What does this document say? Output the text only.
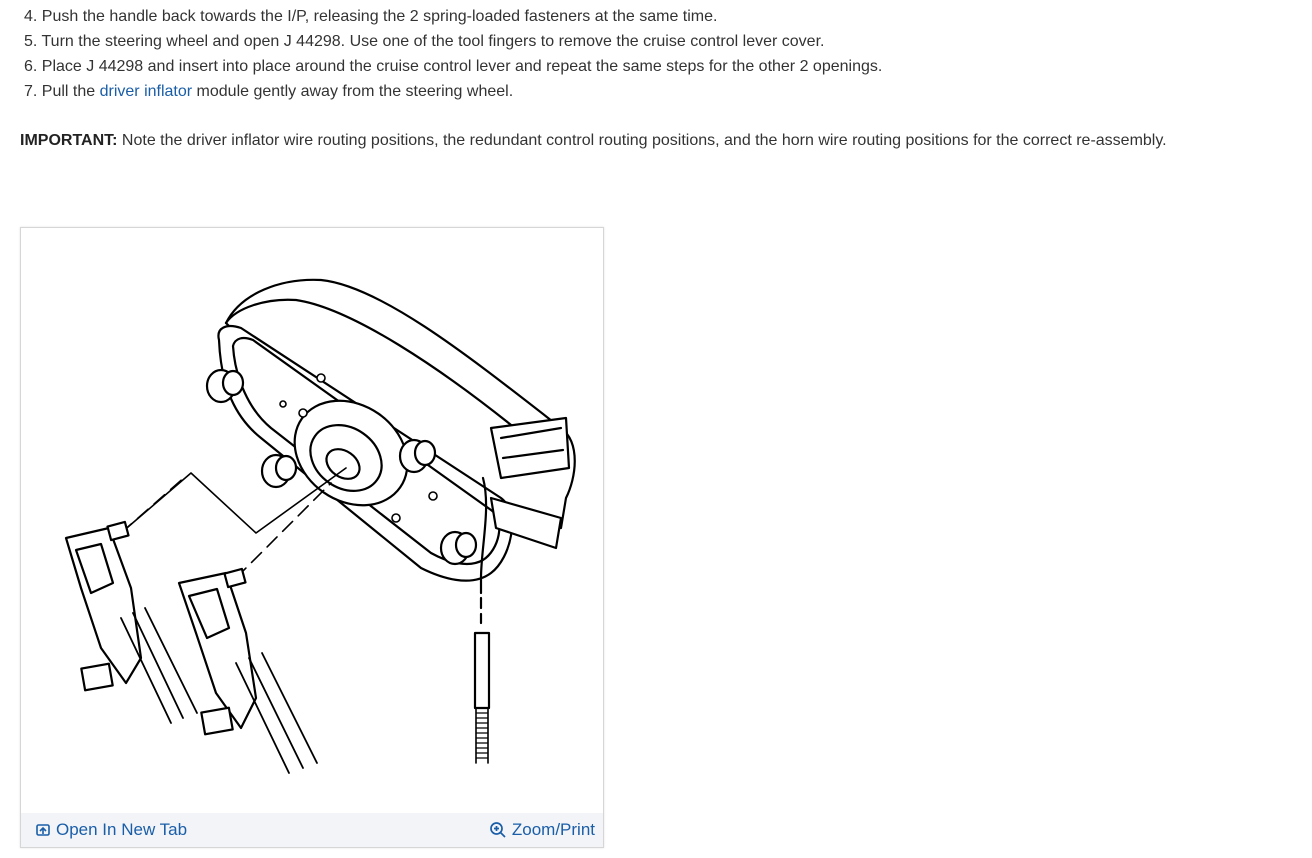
4. Push the handle back towards the I/P, releasing the 2 spring-loaded fasteners at the same time.
5. Turn the steering wheel and open J 44298. Use one of the tool fingers to remove the cruise control lever cover.
6. Place J 44298 and insert into place around the cruise control lever and repeat the same steps for the other 2 openings.
7. Pull the driver inflator module gently away from the steering wheel.
IMPORTANT: Note the driver inflator wire routing positions, the redundant control routing positions, and the horn wire routing positions for the correct re-assembly.
Open In New Tab	Zoom/Print
